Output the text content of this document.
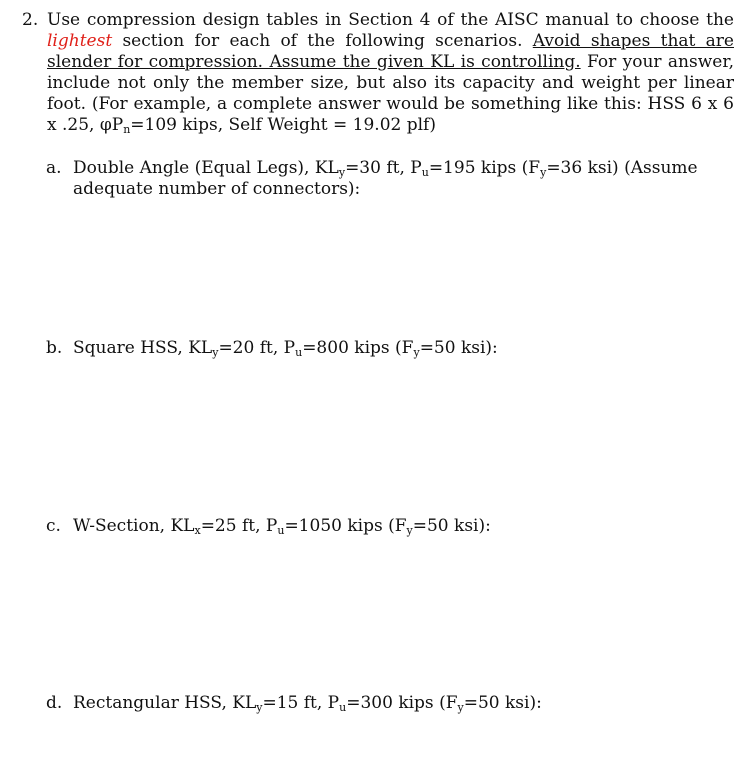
2. Use compression design tables in Section 4 of the AISC manual to choose the lightest section for each of the following scenarios. Avoid shapes that are slender for compression. Assume the given KL is controlling. For your answer, include not only the member size, but also its capacity and weight per linear foot. (For example, a complete answer would be something like this: HSS 6 x 6 x .25, $\varphi P_n=109$ kips, Self Weight = 19.02 plf)
a. Double Angle (Equal Legs), $KL_y=30$ ft, $P_u=195$ kips ($F_y=36$ ksi) (Assume adequate number of connectors):
b. Square HSS, $KL_y=20$ ft, $P_u=800$ kips ($F_y=50$ ksi):
c. W-Section, $KL_x=25$ ft, $P_u=1050$ kips ($F_y=50$ ksi):
d. Rectangular HSS, $KL_y=15$ ft, $P_u=300$ kips ($F_y=50$ ksi):
